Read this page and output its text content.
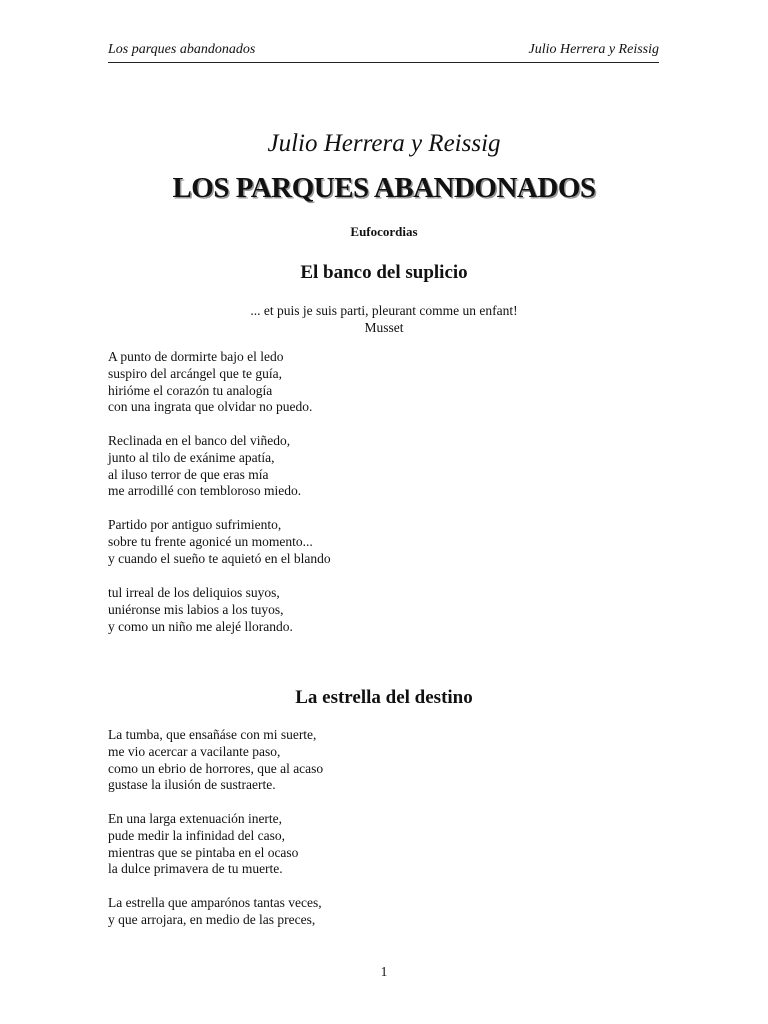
Los parques abandonados	Julio Herrera y Reissig
Julio Herrera y Reissig
LOS PARQUES ABANDONADOS
Eufocordias
El banco del suplicio
... et puis je suis parti, pleurant comme un enfant!
Musset
A punto de dormirte bajo el ledo
suspiro del arcángel que te guía,
hirióme el corazón tu analogía
con una ingrata que olvidar no puedo.
Reclinada en el banco del viñedo,
junto al tilo de exánime apatía,
al iluso terror de que eras mía
me arrodillé con tembloroso miedo.
Partido por antiguo sufrimiento,
sobre tu frente agonicé un momento...
y cuando el sueño te aquietó en el blando
tul irreal de los deliquios suyos,
uniéronse mis labios a los tuyos,
y como un niño me alejé llorando.
La estrella del destino
La tumba, que ensañáse con mi suerte,
me vio acercar a vacilante paso,
como un ebrio de horrores, que al acaso
gustase la ilusión de sustraerte.
En una larga extenuación inerte,
pude medir la infinidad del caso,
mientras que se pintaba en el ocaso
la dulce primavera de tu muerte.
La estrella que amparónos tantas veces,
y que arrojara, en medio de las preces,
1
